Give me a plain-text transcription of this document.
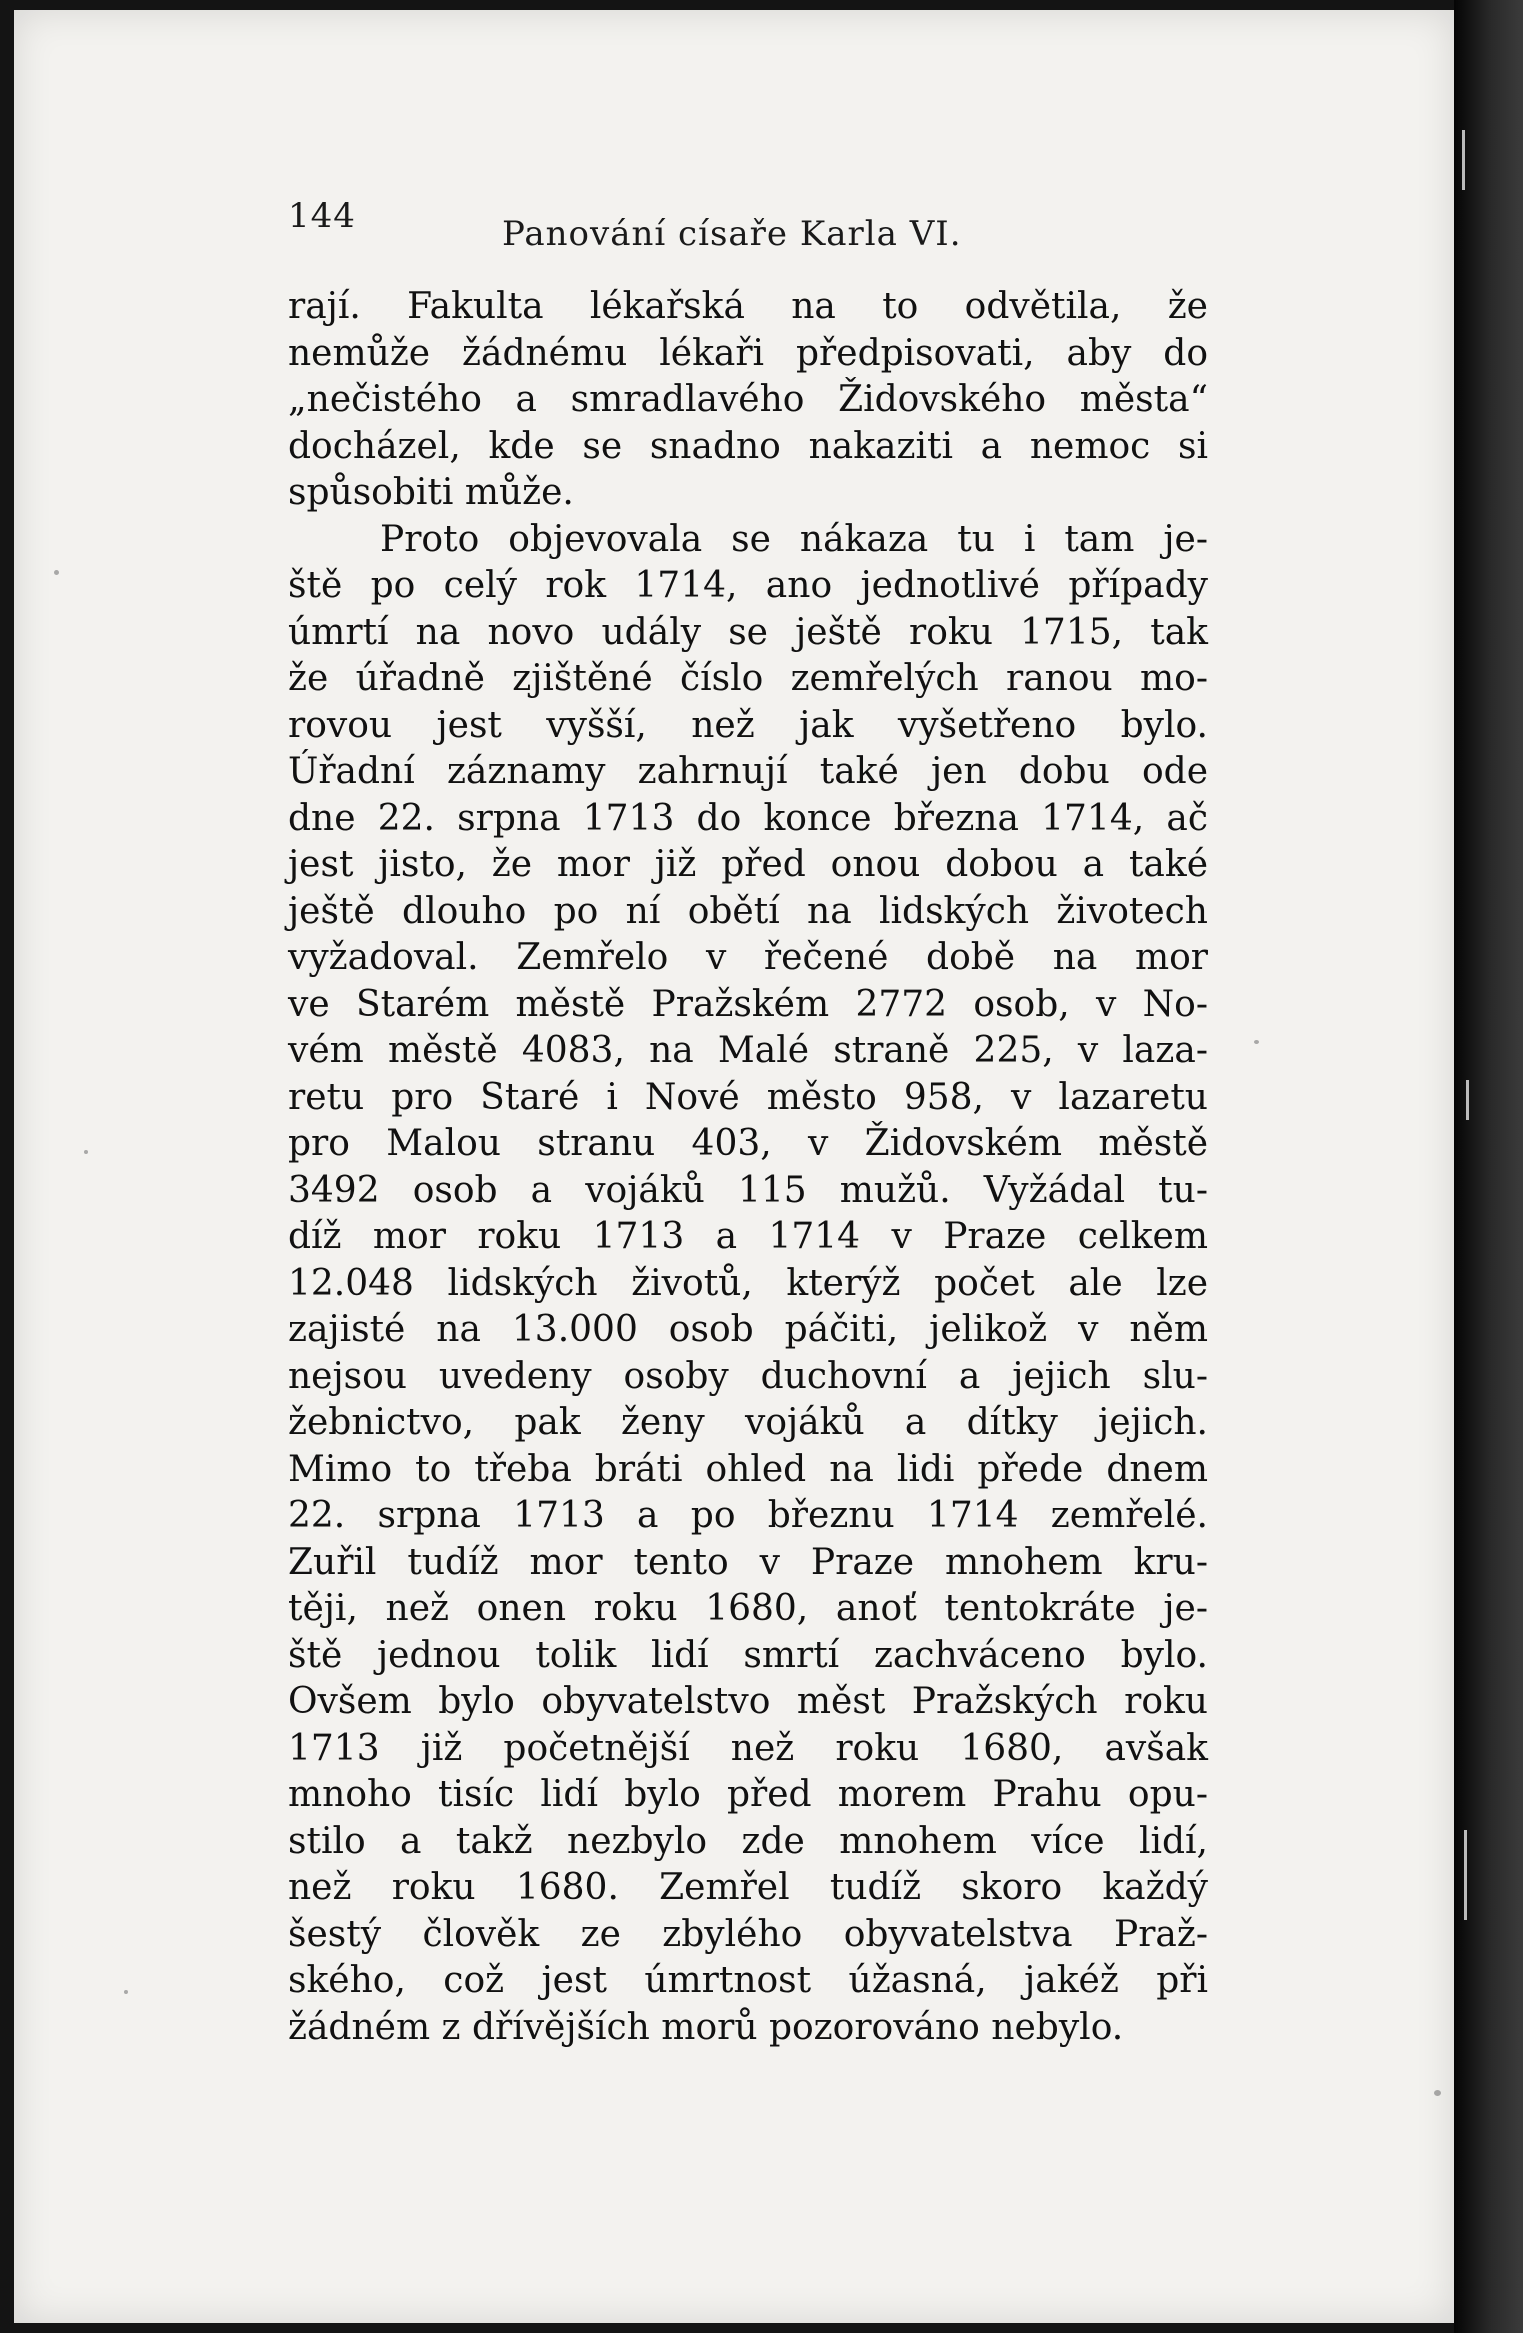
144	Panování císaře Karla VI.
rají. Fakulta lékařská na to odvětila, že
nemůže žádnému lékaři předpisovati, aby do
„nečistého a smradlavého Židovského města“
docházel, kde se snadno nakaziti a nemoc si
spůsobiti může.
Proto objevovala se nákaza tu i tam je-
ště po celý rok 1714, ano jednotlivé případy
úmrtí na novo udály se ještě roku 1715, tak
že úřadně zjištěné číslo zemřelých ranou mo-
rovou jest vyšší, než jak vyšetřeno bylo.
Úřadní záznamy zahrnují také jen dobu ode
dne 22. srpna 1713 do konce března 1714, ač
jest jisto, že mor již před onou dobou a také
ještě dlouho po ní obětí na lidských životech
vyžadoval. Zemřelo v řečené době na mor
ve Starém městě Pražském 2772 osob, v No-
vém městě 4083, na Malé straně 225, v laza-
retu pro Staré i Nové město 958, v lazaretu
pro Malou stranu 403, v Židovském městě
3492 osob a vojáků 115 mužů. Vyžádal tu-
díž mor roku 1713 a 1714 v Praze celkem
12.048 lidských životů, kterýž počet ale lze
zajisté na 13.000 osob páčiti, jelikož v něm
nejsou uvedeny osoby duchovní a jejich slu-
žebnictvo, pak ženy vojáků a dítky jejich.
Mimo to třeba bráti ohled na lidi přede dnem
22. srpna 1713 a po březnu 1714 zemřelé.
Zuřil tudíž mor tento v Praze mnohem kru-
těji, než onen roku 1680, anoť tentokráte je-
ště jednou tolik lidí smrtí zachváceno bylo.
Ovšem bylo obyvatelstvo měst Pražských roku
1713 již početnější než roku 1680, avšak
mnoho tisíc lidí bylo před morem Prahu opu-
stilo a takž nezbylo zde mnohem více lidí,
než roku 1680. Zemřel tudíž skoro každý
šestý člověk ze zbylého obyvatelstva Praž-
ského, což jest úmrtnost úžasná, jakéž při
žádném z dřívějších morů pozorováno nebylo.
